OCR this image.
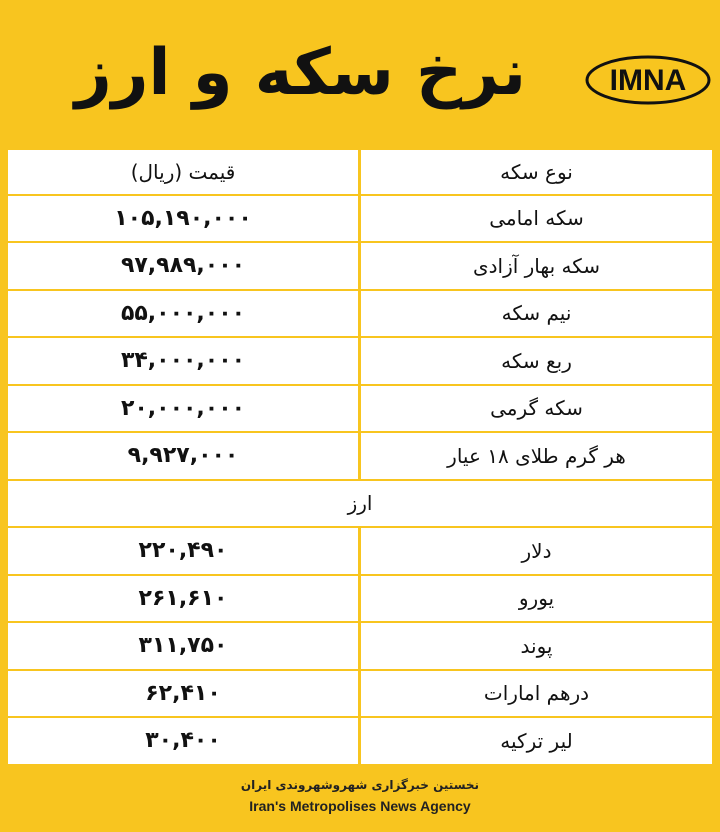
نرخ سکه و ارز	IMNA
نوع سکه
قیمت (ریال)
سکه امامی
۱۰۵,۱۹۰,۰۰۰
سکه بهار آزادی
۹۷,۹۸۹,۰۰۰
نیم سکه
۵۵,۰۰۰,۰۰۰
ربع سکه
۳۴,۰۰۰,۰۰۰
سکه گرمی
۲۰,۰۰۰,۰۰۰
هر گرم طلای ۱۸ عیار
۹,۹۲۷,۰۰۰
ارز
دلار
۲۲۰,۴۹۰
یورو
۲۶۱,۶۱۰
پوند
۳۱۱,۷۵۰
درهم امارات
۶۲,۴۱۰
لیر ترکیه
۳۰,۴۰۰
نخستین خبرگزاری شهروشهروندی ایران
Iran's Metropolises News Agency
